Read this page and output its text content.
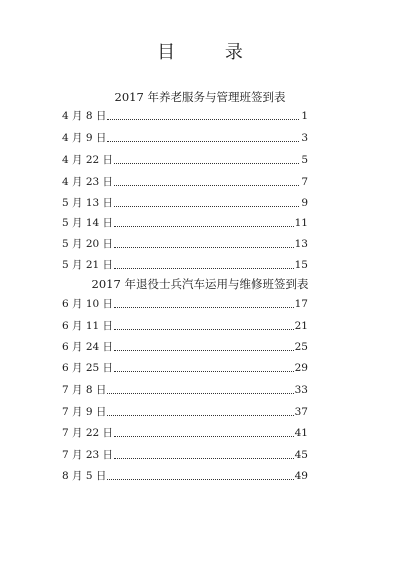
目 录
2017 年养老服务与管理班签到表
4 月 8 日	1
4 月 9 日	3
4 月 22 日	5
4 月 23 日	7
5 月 13 日	9
5 月 14 日	11
5 月 20 日	13
5 月 21 日	15
2017 年退役士兵汽车运用与维修班签到表
6 月 10 日	17
6 月 11 日	21
6 月 24 日	25
6 月 25 日	29
7 月 8 日	33
7 月 9 日	37
7 月 22 日	41
7 月 23 日	45
8 月 5 日	49
